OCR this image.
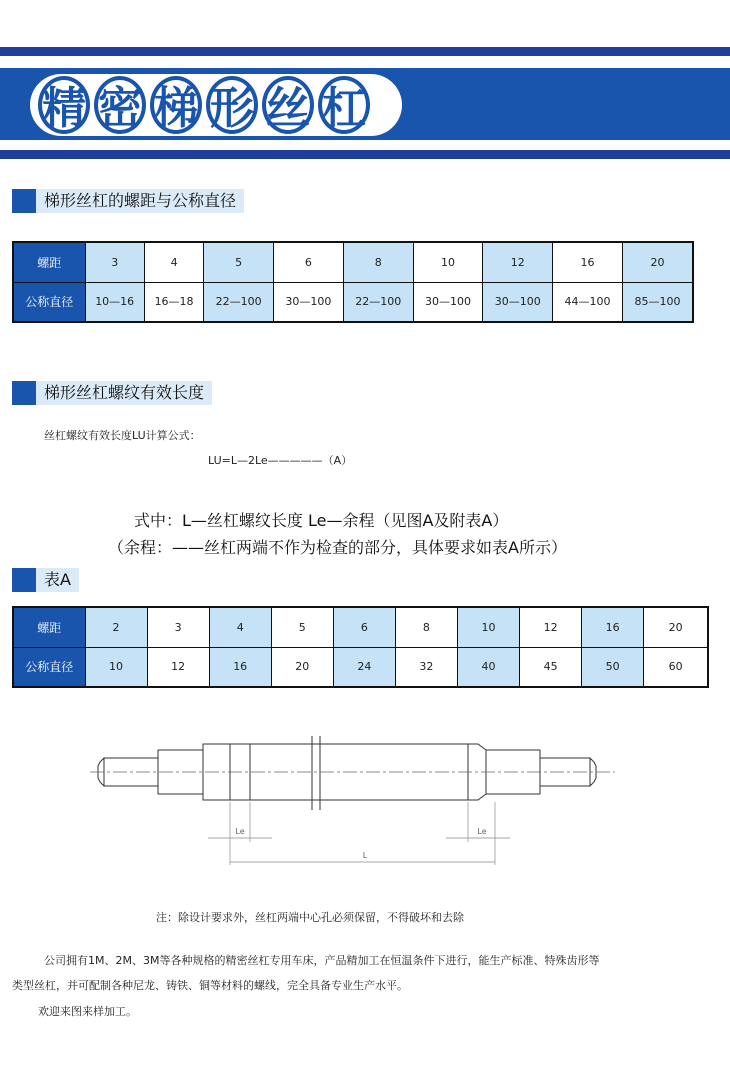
精 密 梯 形 丝 杠
梯形丝杠的螺距与公称直径
螺距	3	4	5	6	8	10	12	16	20
公称直径	10—16	16—18	22—100	30—100	22—100	30—100	30—100	44—100	85—100
梯形丝杠螺纹有效长度
丝杠螺纹有效长度LU计算公式：
LU=L—2Le—————（A）
式中：L—丝杠螺纹长度 Le—余程（见图A及附表A）
（余程：——丝杠两端不作为检查的部分，具体要求如表A所示）
表A
螺距	2	3	4	5	6	8	10	12	16	20
公称直径	10	12	16	20	24	32	40	45	50	60
Le	Le
L
注：除设计要求外，丝杠两端中心孔必须保留，不得破坏和去除
公司拥有1M、2M、3M等各种规格的精密丝杠专用车床，产品精加工在恒温条件下进行，能生产标准、特殊齿形等
类型丝杠，并可配制各种尼龙、铸铁、铜等材料的螺线，完全具备专业生产水平。
欢迎来图来样加工。
